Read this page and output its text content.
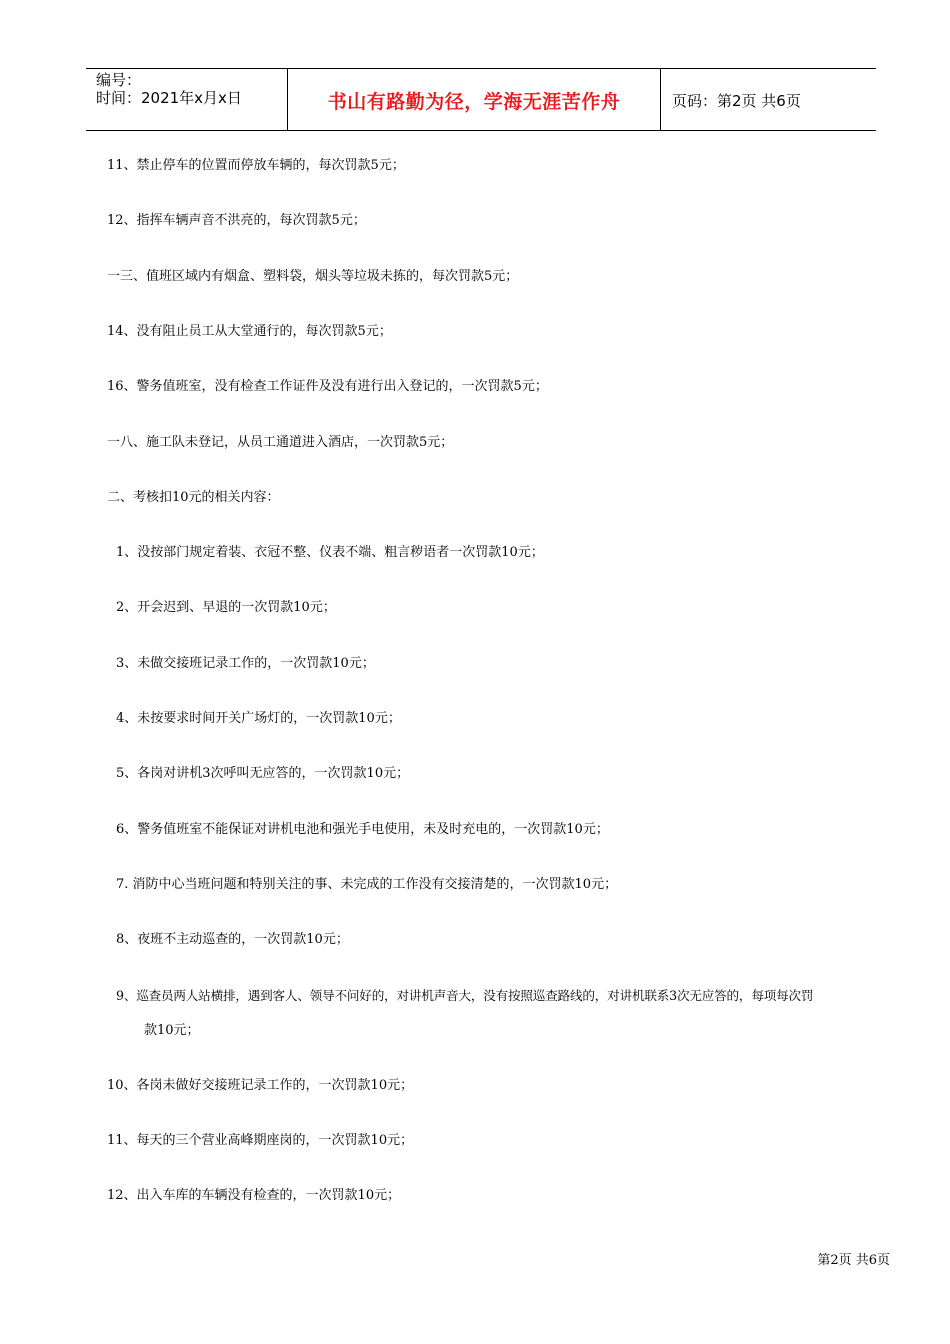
编号：
时间：2021年x月x日	书山有路勤为径，学海无涯苦作舟	页码：第2页 共6页
11、禁止停车的位置而停放车辆的，每次罚款5元；
12、指挥车辆声音不洪亮的，每次罚款5元；
一三、值班区域内有烟盒、塑料袋，烟头等垃圾未拣的，每次罚款5元；
14、没有阻止员工从大堂通行的，每次罚款5元；
16、警务值班室，没有检查工作证件及没有进行出入登记的，一次罚款5元；
一八、施工队未登记，从员工通道进入酒店，一次罚款5元；
二、考核扣10元的相关内容：
1、没按部门规定着装、衣冠不整、仪表不端、粗言秽语者一次罚款10元；
2、开会迟到、早退的一次罚款10元；
3、未做交接班记录工作的，一次罚款10元；
4、未按要求时间开关广场灯的，一次罚款10元；
5、各岗对讲机3次呼叫无应答的，一次罚款10元；
6、警务值班室不能保证对讲机电池和强光手电使用，未及时充电的，一次罚款10元；
7. 消防中心当班问题和特别关注的事、未完成的工作没有交接清楚的，一次罚款10元；
8、夜班不主动巡查的，一次罚款10元；
9、巡查员两人站横排，遇到客人、领导不问好的，对讲机声音大，没有按照巡查路线的，对讲机联系3次无应答的，每项每次罚
款10元；
10、各岗未做好交接班记录工作的，一次罚款10元；
11、每天的三个营业高峰期座岗的，一次罚款10元；
12、出入车库的车辆没有检查的，一次罚款10元；
第2页 共6页
